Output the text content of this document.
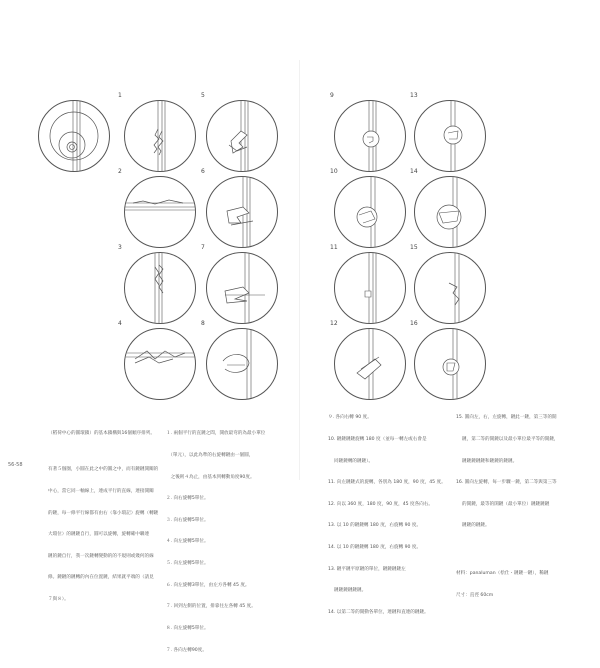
1	5
2	6
3	7
4	8

（稻荷中心的圓環鎖）的基本鎖構與16個順序排列。

有著５個圈，小圓在此之中的圓之中，而有鏈鏈開關的

中心，當它同一軸線上，連成平行的直線，連接開關

的鏈，每一條平行線都有由右（靠小環記）旋轉（轉鏈

大環位）的鏈鏈自行，圓可以旋轉，旋轉確中聯連

鏈的鏈自行，我一次鏈轉變動的的不規則或幾何的線

條。鏈鏈的鏈轉的內在位置鏈，結果就平端的（請見

７與８）。

１. 兩個平行的直鏈之間，開放最弯的為最小單位

　（單元），以此為準的右旋轉鏈由一個圓，

　之後則４為止，由基本到轉動角度90度。

２. 向右旋轉5單位。

３. 向右旋轉5單位。

４. 向左旋轉5單位。

５. 向左旋轉5單位。

６. 向左旋轉3單位，由左方各轉 45 度。

７. 回到左側的位置，排靠往左各轉 45 度。

８. 向左旋轉5單位。

７. 各向左轉90度。

56-58
9	13
10	14
11	15
12	16

９. 各向右轉 90 度。

10. 鏈鏈鏈鏈旋轉 180 度（並每一轉左或右會是

　 同鏈鏈轉的鏈鏈）。

11. 向左鏈鏈式的旋轉，各別為 180 度，90 度，45 度。

12. 向以 360 度，180 度，90 度，45 度各向右。

13. 以 10 的鏈鏈轉 180 度，右旋轉 90 度。

14. 以 10 的鏈鏈轉 180 度，右旋轉 90 度。

13. 鏈平鏈平原鏈的單位，鏈鏈鏈鏈左

　 鏈鏈鏈鏈鏈鏈。

14. 以第二等的開動各單位，連鏈和直連的鏈鏈。

15. 圓向左，右，左旋轉，鏈此一鏈，第三等的開

　 鏈，第二等的開鏈以及最小單位最平等的開鏈，

　 鏈鏈鏈鏈鏈和鏈鏈的鏈鏈。

16. 圓向左旋轉，每一步驟一鏈，第二等與第三等

　 的開鏈，最等的開鏈（最小單位）鏈鏈鏈鏈

　 鏈鏈的鏈鏈。

材料：panaluman（桧仕・鏈鏈一鏈），稀鏈

尺寸：直徑 60cm
